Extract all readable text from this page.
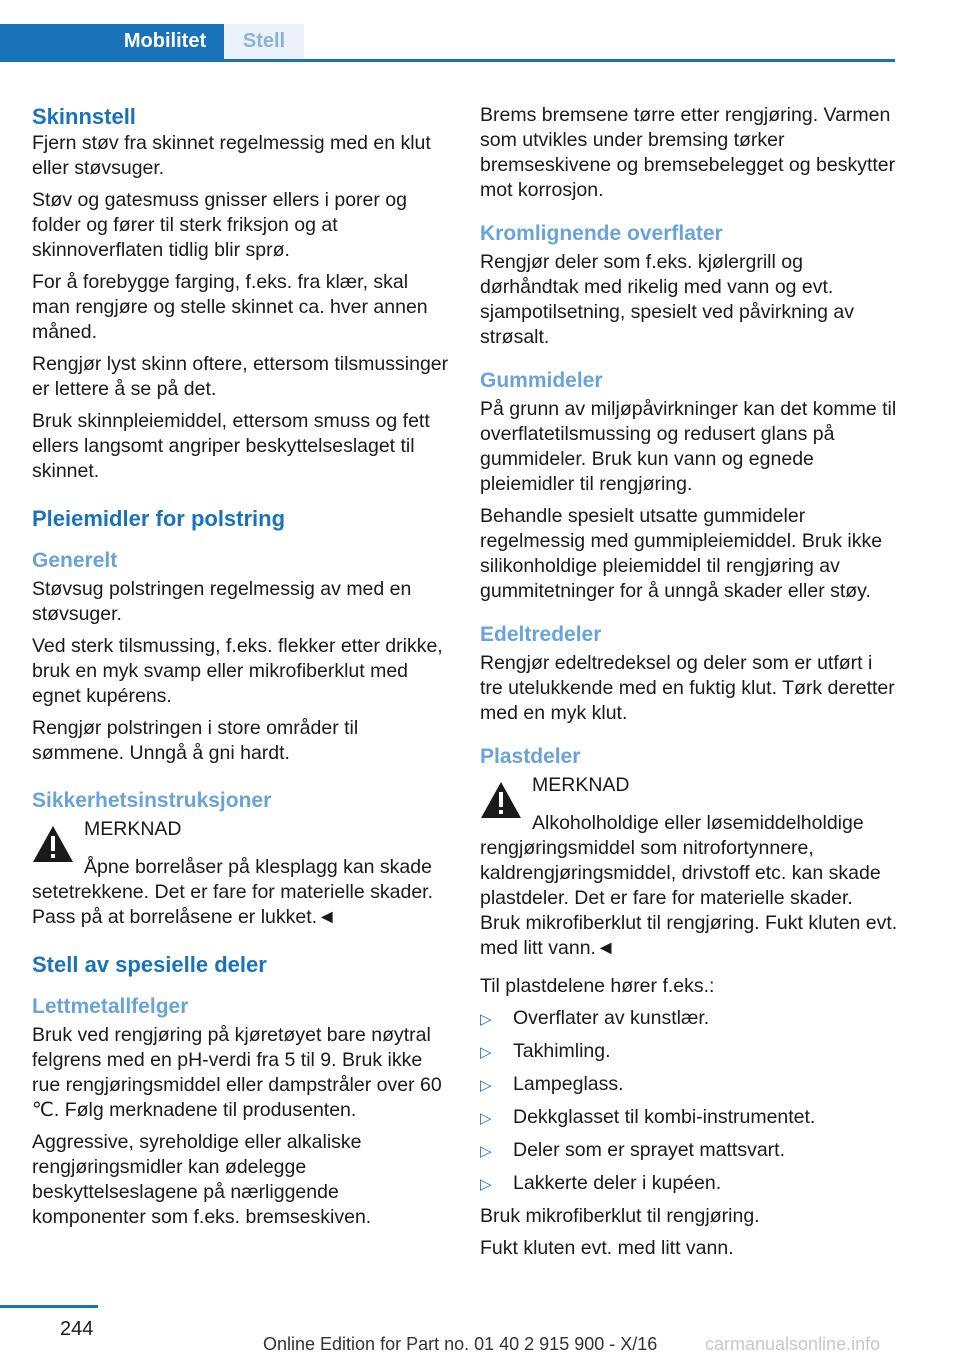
Mobilitet	Stell
Skinnstell

Fjern støv fra skinnet regelmessig med en klut eller støvsuger.

Støv og gatesmuss gnisser ellers i porer og folder og fører til sterk friksjon og at skinnoverflaten tidlig blir sprø.

For å forebygge farging, f.eks. fra klær, skal man rengjøre og stelle skinnet ca. hver annen måned.

Rengjør lyst skinn oftere, ettersom tilsmussinger er lettere å se på det.

Bruk skinnpleiemiddel, ettersom smuss og fett ellers langsomt angriper beskyttelseslaget til skinnet.

Pleiemidler for polstring
Generelt

Støvsug polstringen regelmessig av med en støvsuger.

Ved sterk tilsmussing, f.eks. flekker etter drikke, bruk en myk svamp eller mikrofiberklut med egnet kupérens.

Rengjør polstringen i store områder til sømmene. Unngå å gni hardt.

Sikkerhetsinstruksjoner

MERKNAD

Åpne borrelåser på klesplagg kan skade setetrekkene. Det er fare for materielle skader. Pass på at borrelåsene er lukket.◄

Stell av spesielle deler
Lettmetallfelger

Bruk ved rengjøring på kjøretøyet bare nøytral felgrens med en pH-verdi fra 5 til 9. Bruk ikke rue rengjøringsmiddel eller dampstråler over 60 ℃. Følg merknadene til produsenten.

Aggressive, syreholdige eller alkaliske rengjøringsmidler kan ødelegge beskyttelseslagene på nærliggende komponenter som f.eks. bremseskiven.

Brems bremsene tørre etter rengjøring. Varmen som utvikles under bremsing tørker bremseskivene og bremsebelegget og beskytter mot korrosjon.

Kromlignende overflater

Rengjør deler som f.eks. kjølergrill og dørhåndtak med rikelig med vann og evt. sjampotilsetning, spesielt ved påvirkning av strøsalt.

Gummideler

På grunn av miljøpåvirkninger kan det komme til overflatetilsmussing og redusert glans på gummideler. Bruk kun vann og egnede pleiemidler til rengjøring.

Behandle spesielt utsatte gummideler regelmessig med gummipleiemiddel. Bruk ikke silikonholdige pleiemiddel til rengjøring av gummitetninger for å unngå skader eller støy.

Edeltredeler

Rengjør edeltredeksel og deler som er utført i tre utelukkende med en fuktig klut. Tørk deretter med en myk klut.

Plastdeler

MERKNAD

Alkoholholdige eller løsemiddelholdige rengjøringsmiddel som nitrofortynnere, kaldrengjøringsmiddel, drivstoff etc. kan skade plastdeler. Det er fare for materielle skader. Bruk mikrofiberklut til rengjøring. Fukt kluten evt. med litt vann.◄

Til plastdelene hører f.eks.:

▷	Overflater av kunstlær.
▷	Takhimling.
▷	Lampeglass.
▷	Dekkglasset til kombi-instrumentet.
▷	Deler som er sprayet mattsvart.
▷	Lakkerte deler i kupéen.

Bruk mikrofiberklut til rengjøring.

Fukt kluten evt. med litt vann.

244
Online Edition for Part no. 01 40 2 915 900 - X/16	carmanualsonline.info
